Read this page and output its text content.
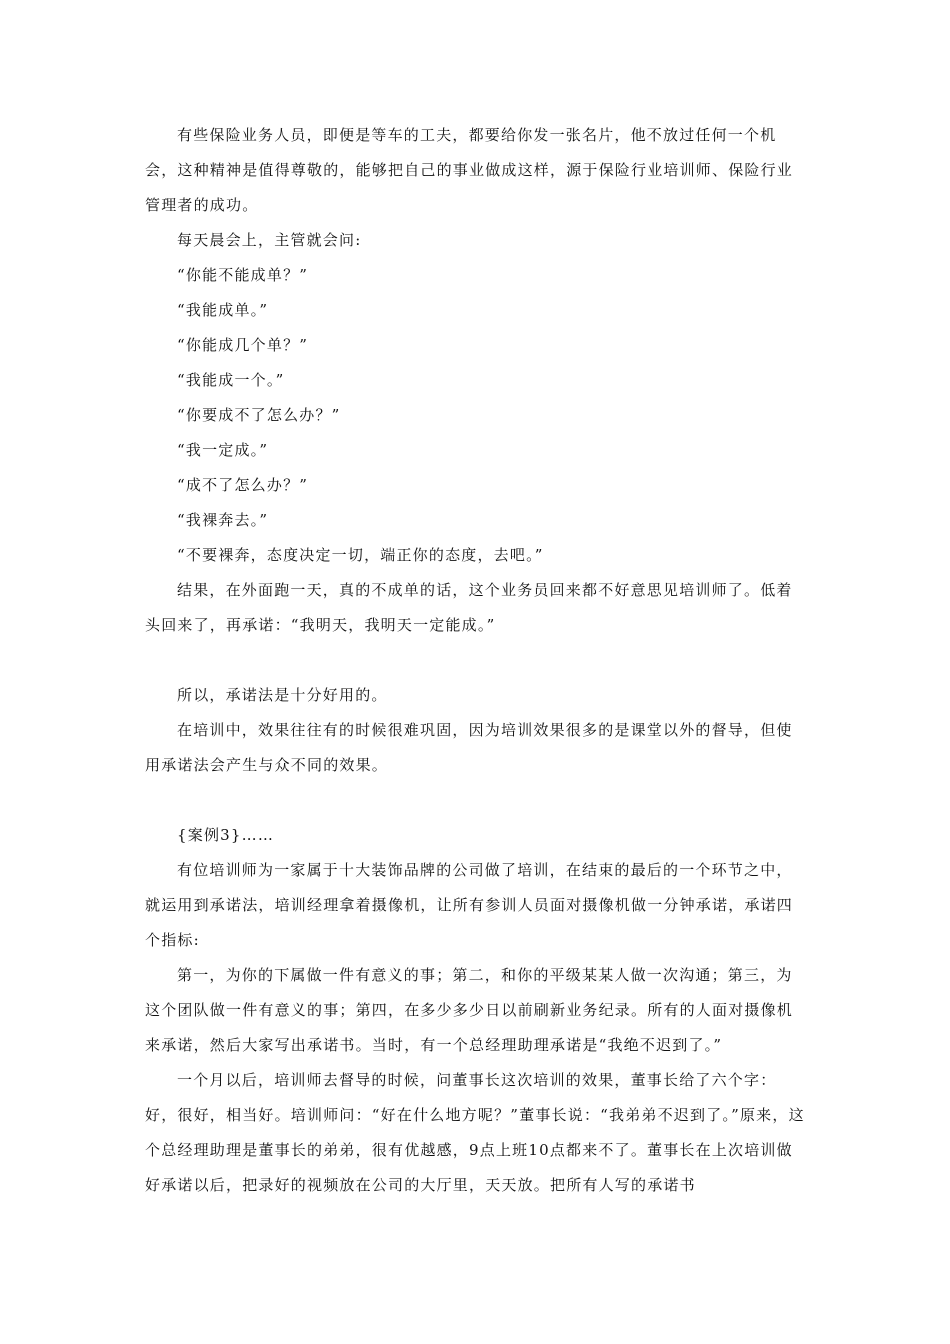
有些保险业务人员，即便是等车的工夫，都要给你发一张名片，他不放过任何一个机会，这种精神是值得尊敬的，能够把自己的事业做成这样，源于保险行业培训师、保险行业管理者的成功。

每天晨会上，主管就会问:

“你能不能成单？”

“我能成单。”

“你能成几个单？”

“我能成一个。”

“你要成不了怎么办？”

“我一定成。”

“成不了怎么办？”

“我裸奔去。”

“不要裸奔，态度决定一切，端正你的态度，去吧。”

结果，在外面跑一天，真的不成单的话，这个业务员回来都不好意思见培训师了。低着头回来了，再承诺：“我明天，我明天一定能成。”

所以，承诺法是十分好用的。

在培训中，效果往往有的时候很难巩固，因为培训效果很多的是课堂以外的督导，但使用承诺法会产生与众不同的效果。

{案例3}……

有位培训师为一家属于十大装饰品牌的公司做了培训，在结束的最后的一个环节之中，就运用到承诺法，培训经理拿着摄像机，让所有参训人员面对摄像机做一分钟承诺，承诺四个指标:

第一，为你的下属做一件有意义的事；第二，和你的平级某某人做一次沟通；第三，为这个团队做一件有意义的事；第四，在多少多少日以前刷新业务纪录。所有的人面对摄像机来承诺，然后大家写出承诺书。当时，有一个总经理助理承诺是“我绝不迟到了。”

一个月以后，培训师去督导的时候，问董事长这次培训的效果，董事长给了六个字：好，很好，相当好。培训师问：“好在什么地方呢？”董事长说：“我弟弟不迟到了。”原来，这个总经理助理是董事长的弟弟，很有优越感，9点上班10点都来不了。董事长在上次培训做好承诺以后，把录好的视频放在公司的大厅里，天天放。把所有人写的承诺书
